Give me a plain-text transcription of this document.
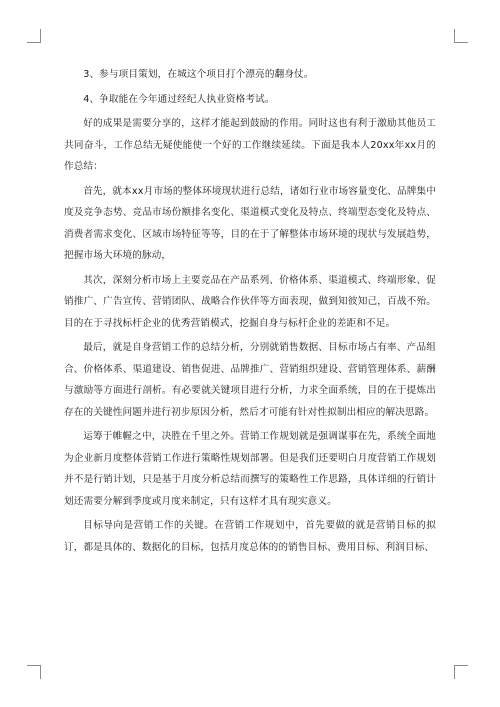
3、参与项目策划，在城这个项目打个漂亮的翻身仗。

4、争取能在今年通过经纪人执业资格考试。

好的成果是需要分享的，这样才能起到鼓励的作用。同时这也有利于激励其他员工共同奋斗，工作总结无疑使能使一个好的工作继续延续。下面是我本人20xx年xx月的作总结：

首先，就本xx月市场的整体环境现状进行总结，诸如行业市场容量变化、品牌集中度及竞争态势、竞品市场份额排名变化、渠道模式变化及特点、终端型态变化及特点、消费者需求变化、区域市场特征等等，目的在于了解整体市场环境的现状与发展趋势，把握市场大环境的脉动，

其次，深刻分析市场上主要竞品在产品系列、价格体系、渠道模式、终端形象、促销推广、广告宣传、营销团队、战略合作伙伴等方面表现，做到知彼知己，百战不殆。目的在于寻找标杆企业的优秀营销模式，挖掘自身与标杆企业的差距和不足。

最后，就是自身营销工作的总结分析，分别就销售数据、目标市场占有率、产品组合、价格体系、渠道建设、销售促进、品牌推广、营销组织建设、营销管理体系、薪酬与激励等方面进行剖析。有必要就关键项目进行分析，力求全面系统，目的在于提炼出存在的关键性问题并进行初步原因分析，然后才可能有针对性拟制出相应的解决思路。

运筹于帷幄之中，决胜在千里之外。营销工作规划就是强调谋事在先，系统全面地为企业新月度整体营销工作进行策略性规划部署。但是我们还要明白月度营销工作规划并不是行销计划，只是基于月度分析总结而撰写的策略性工作思路，具体详细的行销计划还需要分解到季度或月度来制定，只有这样才具有现实意义。

目标导向是营销工作的关键。在营销工作规划中，首先要做的就是营销目标的拟订，都是具体的、数据化的目标，包括月度总体的的销售目标、费用目标、利润目标、
